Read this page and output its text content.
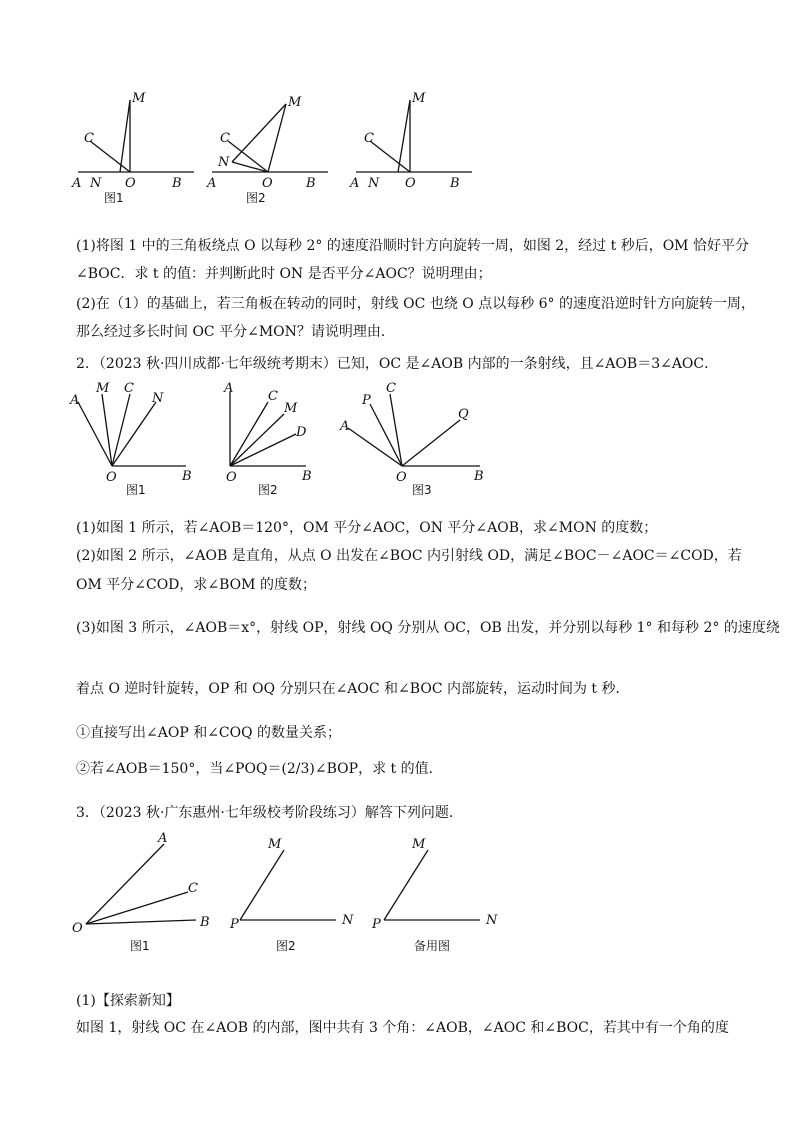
M
C
A N O	B
图1
M
C
N
A	O	B
图2
M
C
A N O	B
(1)将图 1 中的三角板绕点 O 以每秒 2° 的速度沿顺时针方向旋转一周，如图 2，经过 t 秒后，OM 恰好平分
∠BOC．求 t 的值：并判断此时 ON 是否平分∠AOC？说明理由；
(2)在（1）的基础上，若三角板在转动的同时，射线 OC 也绕 O 点以每秒 6° 的速度沿逆时针方向旋转一周，
那么经过多长时间 OC 平分∠MON？请说明理由．
2．（2023 秋·四川成都·七年级统考期末）已知，OC 是∠AOB 内部的一条射线，且∠AOB＝3∠AOC．
A
M C
N
O	B
图1
A
C
M
D
O	B
图2
A
P
C
Q
O	B
图3
(1)如图 1 所示，若∠AOB＝120°，OM 平分∠AOC，ON 平分∠AOB，求∠MON 的度数；
(2)如图 2 所示，∠AOB 是直角，从点 O 出发在∠BOC 内引射线 OD，满足∠BOC－∠AOC＝∠COD，若
OM 平分∠COD，求∠BOM 的度数；
(3)如图 3 所示，∠AOB＝x°，射线 OP，射线 OQ 分别从 OC，OB 出发，并分别以每秒 1° 和每秒 2° 的速度绕
着点 O 逆时针旋转，OP 和 OQ 分别只在∠AOC 和∠BOC 内部旋转，运动时间为 t 秒．
①直接写出∠AOP 和∠COQ 的数量关系；
②若∠AOB＝150°，当∠POQ＝(2/3)∠BOP，求 t 的值．
3．（2023 秋·广东惠州·七年级校考阶段练习）解答下列问题．
A
C
O	B
图1
M
P	N
图2
M
P	N
备用图
(1)【探索新知】
如图 1，射线 OC 在∠AOB 的内部，图中共有 3 个角：∠AOB，∠AOC 和∠BOC，若其中有一个角的度
